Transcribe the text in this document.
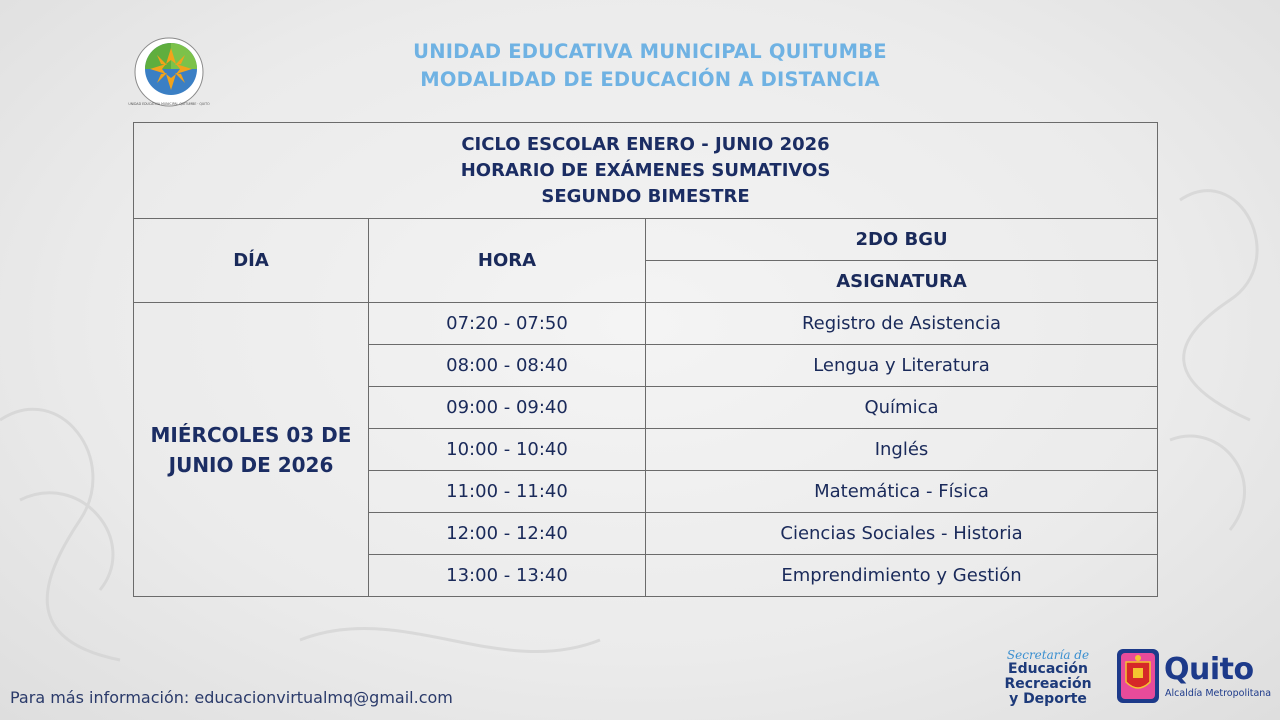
UNIDAD EDUCATIVA MUNICIPAL QUITUMBE · QUITO
UNIDAD EDUCATIVA MUNICIPAL QUITUMBE
MODALIDAD DE EDUCACIÓN A DISTANCIA
CICLO ESCOLAR ENERO - JUNIO 2026
HORARIO DE EXÁMENES SUMATIVOS
SEGUNDO BIMESTRE		

DÍA	HORA	2DO BGU
		ASIGNATURA

MIÉRCOLES 03 DE
JUNIO DE 2026	07:20 - 07:50	Registro de Asistencia
	08:00 - 08:40	Lengua y Literatura
	09:00 - 09:40	Química
	10:00 - 10:40	Inglés
	11:00 - 11:40	Matemática - Física
	12:00 - 12:40	Ciencias Sociales - Historia
	13:00 - 13:40	Emprendimiento y Gestión
Para más información: educacionvirtualmq@gmail.com
Secretaría de
Educación
Recreación
y Deporte
Quito
Alcaldía Metropolitana
